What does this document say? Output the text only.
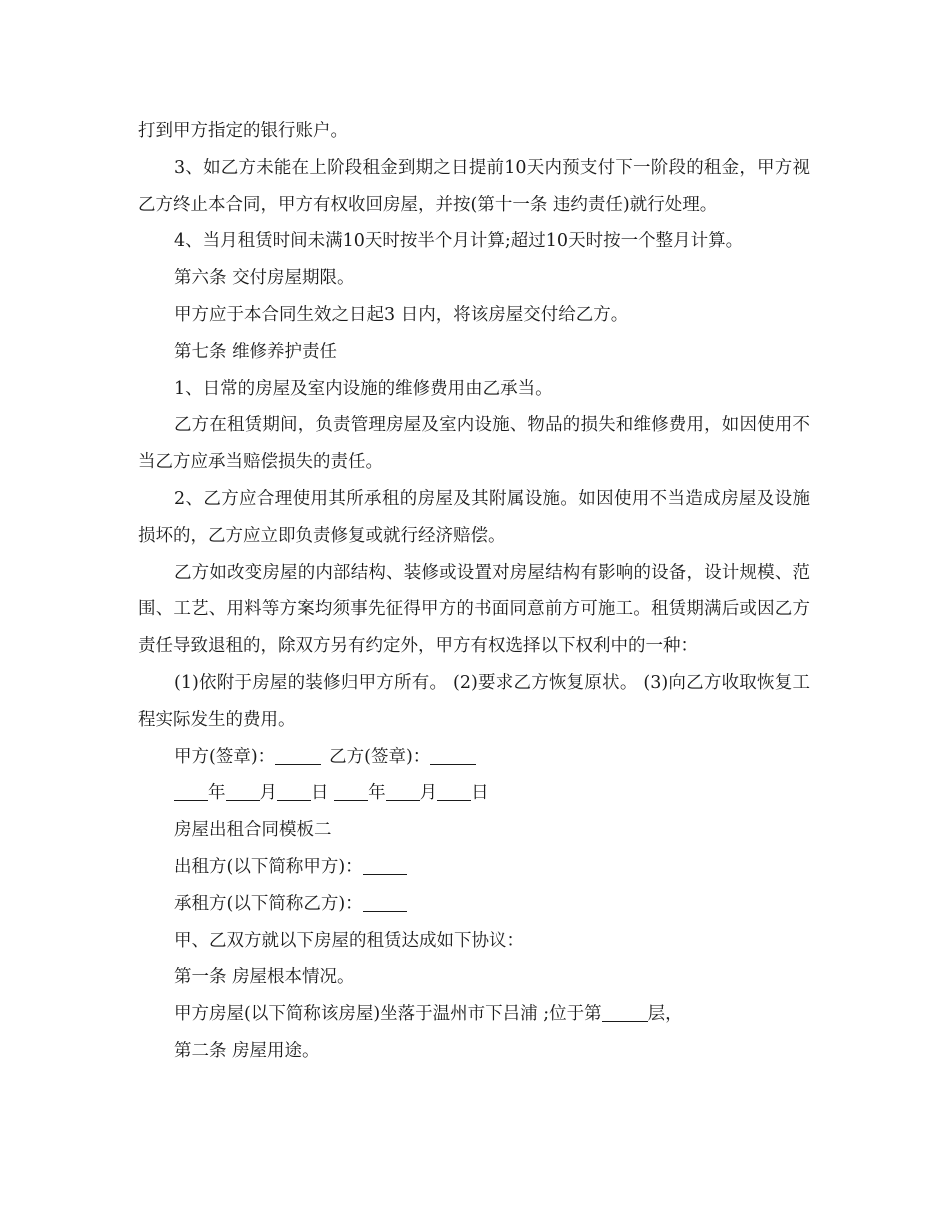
打到甲方指定的银行账户。

3、如乙方未能在上阶段租金到期之日提前10天内预支付下一阶段的租金，甲方视乙方终止本合同，甲方有权收回房屋，并按(第十一条 违约责任)就行处理。

4、当月租赁时间未满10天时按半个月计算;超过10天时按一个整月计算。

第六条 交付房屋期限。

甲方应于本合同生效之日起3 日内，将该房屋交付给乙方。

第七条 维修养护责任

1、日常的房屋及室内设施的维修费用由乙承当。

乙方在租赁期间，负责管理房屋及室内设施、物品的损失和维修费用，如因使用不当乙方应承当赔偿损失的责任。

2、乙方应合理使用其所承租的房屋及其附属设施。如因使用不当造成房屋及设施损坏的，乙方应立即负责修复或就行经济赔偿。

乙方如改变房屋的内部结构、装修或设置对房屋结构有影响的设备，设计规模、范围、工艺、用料等方案均须事先征得甲方的书面同意前方可施工。租赁期满后或因乙方责任导致退租的，除双方另有约定外，甲方有权选择以下权利中的一种：

(1)依附于房屋的装修归甲方所有。 (2)要求乙方恢复原状。 (3)向乙方收取恢复工程实际发生的费用。

甲方(签章)：	乙方(签章)：

年 月 日 年 月 日

房屋出租合同模板二

出租方(以下简称甲方)：

承租方(以下简称乙方)：

甲、乙双方就以下房屋的租赁达成如下协议：

第一条 房屋根本情况。

甲方房屋(以下简称该房屋)坐落于温州市下吕浦 ;位于第	层，

第二条 房屋用途。
